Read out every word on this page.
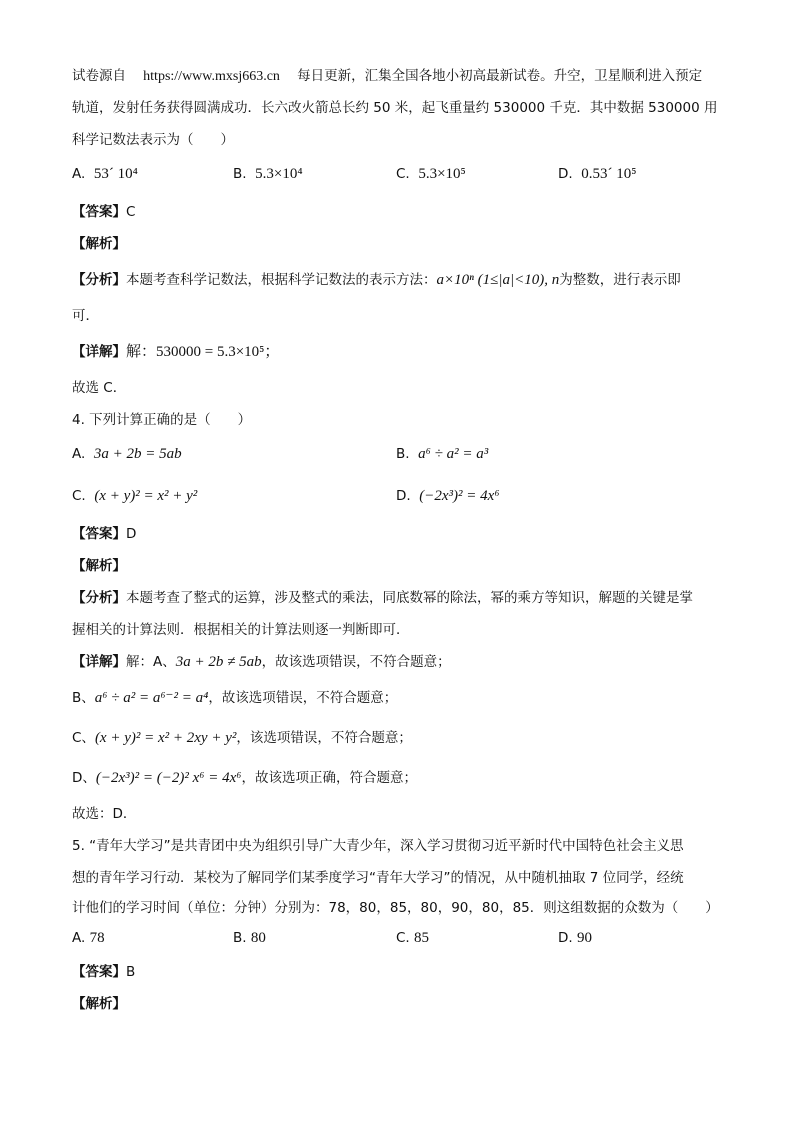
试卷源自 https://www.mxsj663.cn 每日更新，汇集全国各地小初高最新试卷。升空，卫星顺利进入预定
轨道，发射任务获得圆满成功．长六改火箭总长约 50 米，起飞重量约 530000 千克．其中数据 530000 用
科学记数法表示为（　　）
A. 53´ 10⁴	B. 5.3×10⁴	C. 5.3×10⁵	D. 0.53´ 10⁵
【答案】C
【解析】
【分析】本题考查科学记数法，根据科学记数法的表示方法：a×10ⁿ (1≤|a|<10), n为整数，进行表示即
可．
【详解】解：530000 = 5.3×10⁵；
故选 C．
4. 下列计算正确的是（　　）
A. 3a + 2b = 5ab	B. a⁶ ÷ a² = a³
C. (x + y)² = x² + y²	D. (−2x³)² = 4x⁶
【答案】D
【解析】
【分析】本题考查了整式的运算，涉及整式的乘法，同底数幂的除法，幂的乘方等知识，解题的关键是掌
握相关的计算法则．根据相关的计算法则逐一判断即可．
【详解】解：A、3a + 2b ≠ 5ab，故该选项错误，不符合题意；
B、a⁶ ÷ a² = a⁶⁻² = a⁴，故该选项错误，不符合题意；
C、(x + y)² = x² + 2xy + y²，该选项错误，不符合题意；
D、(−2x³)² = (−2)² x⁶ = 4x⁶，故该选项正确，符合题意；
故选：D．
5. “青年大学习”是共青团中央为组织引导广大青少年，深入学习贯彻习近平新时代中国特色社会主义思
想的青年学习行动．某校为了解同学们某季度学习“青年大学习”的情况，从中随机抽取 7 位同学，经统
计他们的学习时间（单位：分钟）分别为：78，80，85，80，90，80，85．则这组数据的众数为（　　）
A. 78	B. 80	C. 85	D. 90
【答案】B
【解析】
